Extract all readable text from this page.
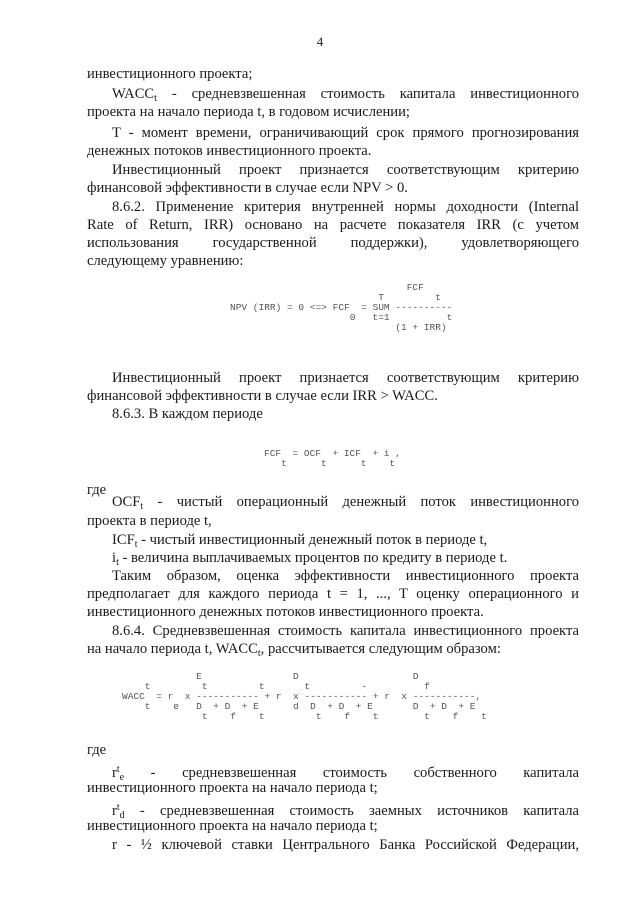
4
инвестиционного проекта;
$WACC_t$ - средневзвешенная стоимость капитала инвестиционного
проекта на начало периода t, в годовом исчислении;
T - момент времени, ограничивающий срок прямого прогнозирования
денежных потоков инвестиционного проекта.
Инвестиционный проект признается соответствующим критерию
финансовой эффективности в случае если NPV > 0.
8.6.2. Применение критерия внутренней нормы доходности (Internal
Rate of Return, IRR) основано на расчете показателя IRR (с учетом
использования государственной поддержки), удовлетворяющего
следующему уравнению:
FCF
T         t
NPV (IRR) = 0 <=> FCF  = SUM ----------
0   t=1          t
(1 + IRR)
Инвестиционный проект признается соответствующим критерию
финансовой эффективности в случае если IRR > WACC.
8.6.3. В каждом периоде
FCF  = OCF  + ICF  + i ,
t      t      t    t
где
$OCF_t$ - чистый операционный денежный поток инвестиционного
проекта в периоде t,
$ICF_t$ - чистый инвестиционный денежный поток в периоде t,
$i_t$ - величина выплачиваемых процентов по кредиту в периоде t.
Таким образом, оценка эффективности инвестиционного проекта
предполагает для каждого периода t = 1, ..., T оценку операционного и
инвестиционного денежных потоков инвестиционного проекта.
8.6.4. Средневзвешенная стоимость капитала инвестиционного проекта
на начало периода t, $WACC_t$, рассчитывается следующим образом:
E                D                    D
t         t         t       t         -          f
WACC  = r  x ----------- + r  x ----------- + r  x -----------,
t    e   D  + D  + E      d  D  + D  + E       D  + D  + E
t    f    t         t    f    t        t    f    t
где
$r^t_e$ - средневзвешенная стоимость собственного капитала
инвестиционного проекта на начало периода t;
$r^t_d$ - средневзвешенная стоимость заемных источников капитала
инвестиционного проекта на начало периода t;
r - ½ ключевой ставки Центрального Банка Российской Федерации,
